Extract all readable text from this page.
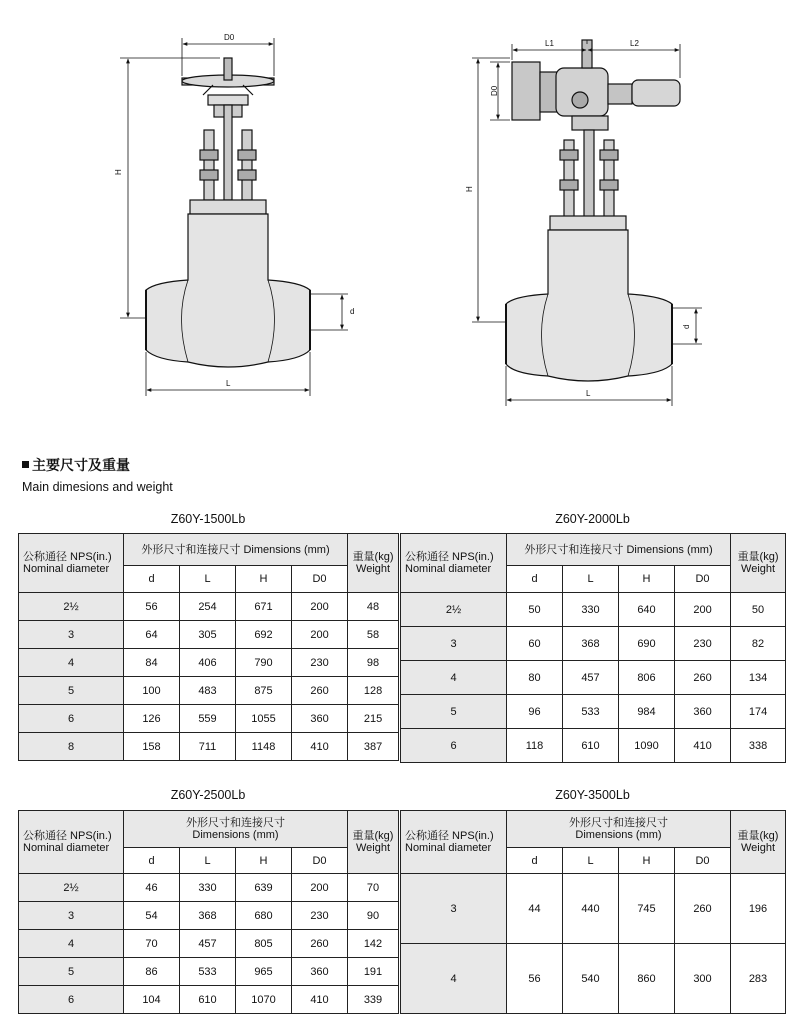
D0
H
d
L
L1	L2
D0
H
d
L
主要尺寸及重量
Main dimesions and weight
Z60Y-1500Lb
公称通径 NPS(in.)
Nominal diameter	外形尺寸和连接尺寸 Dimensions (mm)				重量(kg)
Weight
	d	L	H	D0	
2½	56	254	671	200	48
3	64	305	692	200	58
4	84	406	790	230	98
5	100	483	875	260	128
6	126	559	1055	360	215
8	158	711	1148	410	387
Z60Y-2000Lb
公称通径 NPS(in.)
Nominal diameter	外形尺寸和连接尺寸 Dimensions (mm)				重量(kg)
Weight
	d	L	H	D0	
2½	50	330	640	200	50
3	60	368	690	230	82
4	80	457	806	260	134
5	96	533	984	360	174
6	118	610	1090	410	338
Z60Y-2500Lb
公称通径 NPS(in.)
Nominal diameter	外形尺寸和连接尺寸
Dimensions (mm)				重量(kg)
Weight
	d	L	H	D0	
2½	46	330	639	200	70
3	54	368	680	230	90
4	70	457	805	260	142
5	86	533	965	360	191
6	104	610	1070	410	339
Z60Y-3500Lb
公称通径 NPS(in.)
Nominal diameter	外形尺寸和连接尺寸
Dimensions (mm)				重量(kg)
Weight
	d	L	H	D0	
3	44	440	745	260	196
4	56	540	860	300	283
